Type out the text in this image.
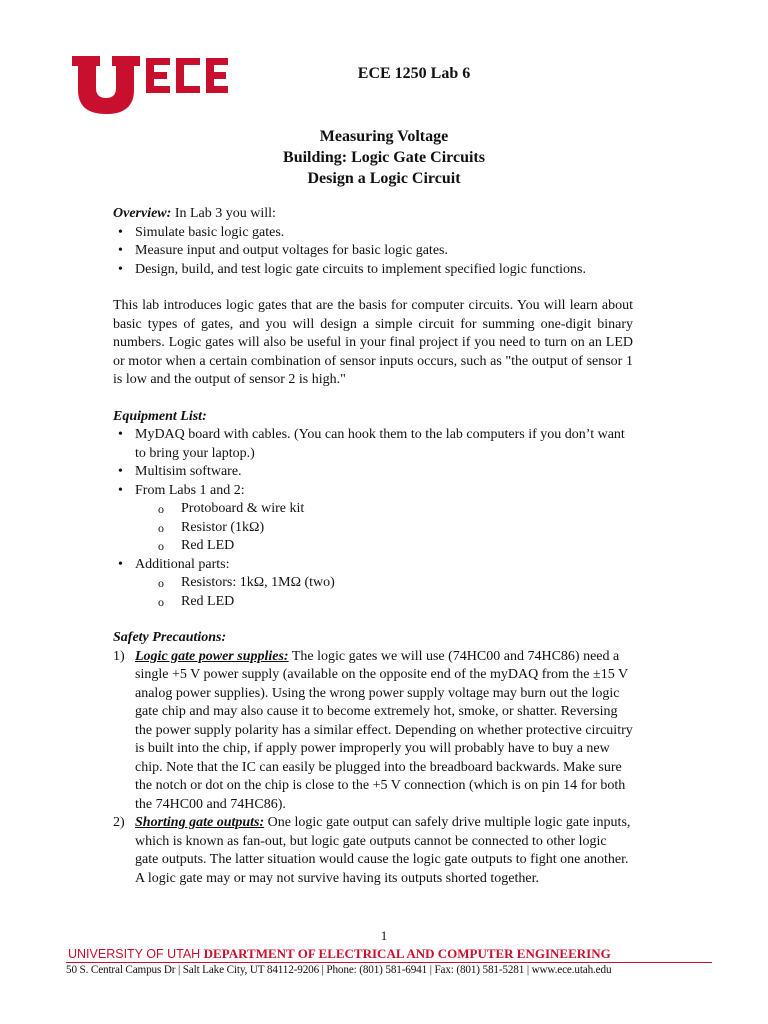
ECE 1250 Lab 6
Measuring Voltage
Building: Logic Gate Circuits
Design a Logic Circuit

Overview: In Lab 3 you will:

• Simulate basic logic gates.
• Measure input and output voltages for basic logic gates.
• Design, build, and test logic gate circuits to implement specified logic functions.

This lab introduces logic gates that are the basis for computer circuits. You will learn about basic types of gates, and you will design a simple circuit for summing one-digit binary numbers. Logic gates will also be useful in your final project if you need to turn on an LED or motor when a certain combination of sensor inputs occurs, such as "the output of sensor 1 is low and the output of sensor 2 is high."

Equipment List:

• MyDAQ board with cables. (You can hook them to the lab computers if you don’t want to bring your laptop.)
• Multisim software.
• From Labs 1 and 2:
o Protoboard & wire kit
o Resistor (1kΩ)
o Red LED
• Additional parts:
o Resistors: 1kΩ, 1MΩ (two)
o Red LED

Safety Precautions:

1) Logic gate power supplies: The logic gates we will use (74HC00 and 74HC86) need a single +5 V power supply (available on the opposite end of the myDAQ from the ±15 V analog power supplies). Using the wrong power supply voltage may burn out the logic gate chip and may also cause it to become extremely hot, smoke, or shatter. Reversing the power supply polarity has a similar effect. Depending on whether protective circuitry is built into the chip, if apply power improperly you will probably have to buy a new chip. Note that the IC can easily be plugged into the breadboard backwards. Make sure the notch or dot on the chip is close to the +5 V connection (which is on pin 14 for both the 74HC00 and 74HC86).
2) Shorting gate outputs: One logic gate output can safely drive multiple logic gate inputs, which is known as fan-out, but logic gate outputs cannot be connected to other logic gate outputs. The latter situation would cause the logic gate outputs to fight one another. A logic gate may or may not survive having its outputs shorted together.
1
UNIVERSITY OF UTAH DEPARTMENT OF ELECTRICAL AND COMPUTER ENGINEERING
50 S. Central Campus Dr | Salt Lake City, UT 84112-9206 | Phone: (801) 581-6941 | Fax: (801) 581-5281 | www.ece.utah.edu
